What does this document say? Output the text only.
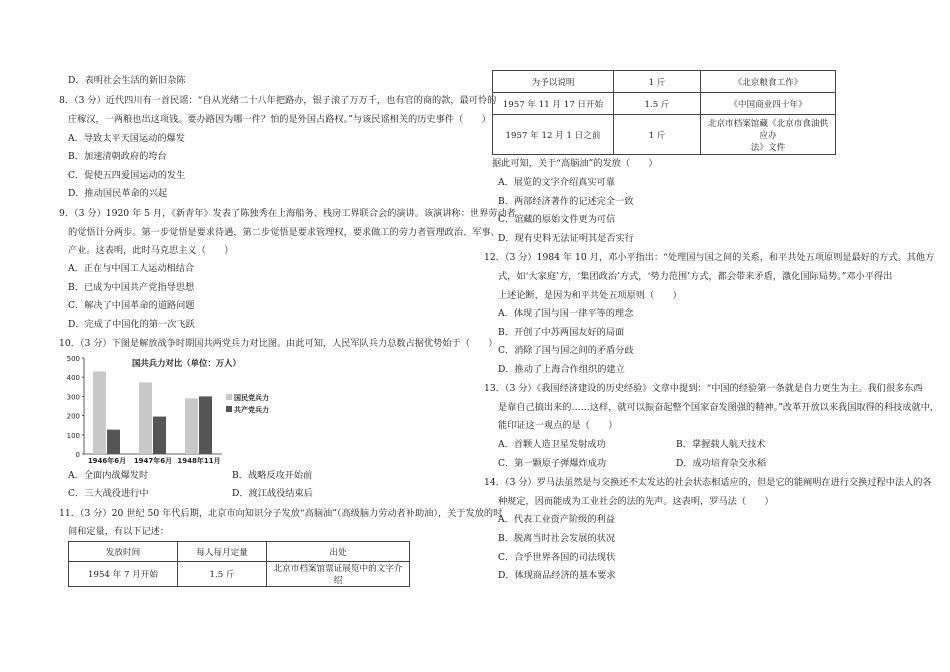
D．表明社会生活的新旧杂陈
8．（3 分）近代四川有一首民谣：“自从光绪二十八年把路办，银子滚了万万千，也有官的商的款，最可怜的
庄稼汉，一两粮也出这项钱。要办路因为哪一件？怕的是外国占路权。”与该民谣相关的历史事件（　　）
A．导致太平天国运动的爆发
B．加速清朝政府的垮台
C．促使五四爱国运动的发生
D．推动国民革命的兴起
9．（3 分）1920 年 5 月，《新青年》发表了陈独秀在上海船务、栈房工界联合会的演讲。该演讲称：世界劳动者
的觉悟计分两步。第一步觉悟是要求待遇，第二步觉悟是要求管理权，要求做工的劳力者管理政治、军事、
产业。这表明，此时马克思主义（　　）
A．正在与中国工人运动相结合
B．已成为中国共产党指导思想
C．解决了中国革命的道路问题
D．完成了中国化的第一次飞跃
10．（3 分）下图是解放战争时期国共两党兵力对比图。由此可知，人民军队兵力总数占据优势始于（　　）
0
100
200
300
400
500	国共兵力对比（单位：万人）
1946年6月 1947年6月 1948年11月
国民党兵力
共产党兵力
A．全面内战爆发时	B．战略反攻开始前
C．三大战役进行中	D．渡江战役结束后
11．（3 分）20 世纪 50 年代后期，北京市向知识分子发放“高脑油”（高级脑力劳动者补助油），关于发放的时
间和定量，有以下记述：
发放时间	每人每月定量	出处
1954 年 7 月开始	1.5 斤	北京市档案馆票证展览中的文字介绍
为予以说明	1 斤	《北京粮食工作》
1957 年 11 月 17 日开始	1.5 斤	《中国商业四十年》
1957 年 12 月 1 日之前	1 斤	北京市档案馆藏《北京市食油供应办
法》文件
据此可知，关于“高脑油”的发放（　　）
A．展览的文字介绍真实可靠
B．两部经济著作的记述完全一致
C．馆藏的原始文件更为可信
D．现有史料无法证明其是否实行
12．（3 分）1984 年 10 月，邓小平指出：“处理国与国之间的关系，和平共处五项原则是最好的方式。其他方
式，如‘大家庭’方，‘集团政治’方式，‘势力范围’方式，都会带来矛盾，激化国际局势。”邓小平得出
上述论断，是因为和平共处五项原则（　　）
A．体现了国与国一律平等的理念
B．开创了中苏两国友好的局面
C．消除了国与国之间的矛盾分歧
D．推动了上海合作组织的建立
13．（3 分）《我国经济建设的历史经验》文章中提到：“中国的经验第一条就是自力更生为主。我们很多东西
是靠自己搞出来的……这样，就可以振奋起整个国家奋发图强的精神。”改革开放以来我国取得的科技成就中，
能印证这一观点的是（　　）
A．首颗人造卫星发射成功	B．掌握载人航天技术
C．第一颗原子弹爆炸成功	D．成功培育杂交水稻
14．（3 分）罗马法虽然是与交换还不太发达的社会状态相适应的，但是它的能阐明在进行交换过程中法人的各
种规定，因而能成为工业社会的法的先声。这表明，罗马法（　　）
A．代表工业资产阶级的利益
B．脱离当时社会发展的状况
C．合乎世界各国的司法现状
D．体现商品经济的基本要求
